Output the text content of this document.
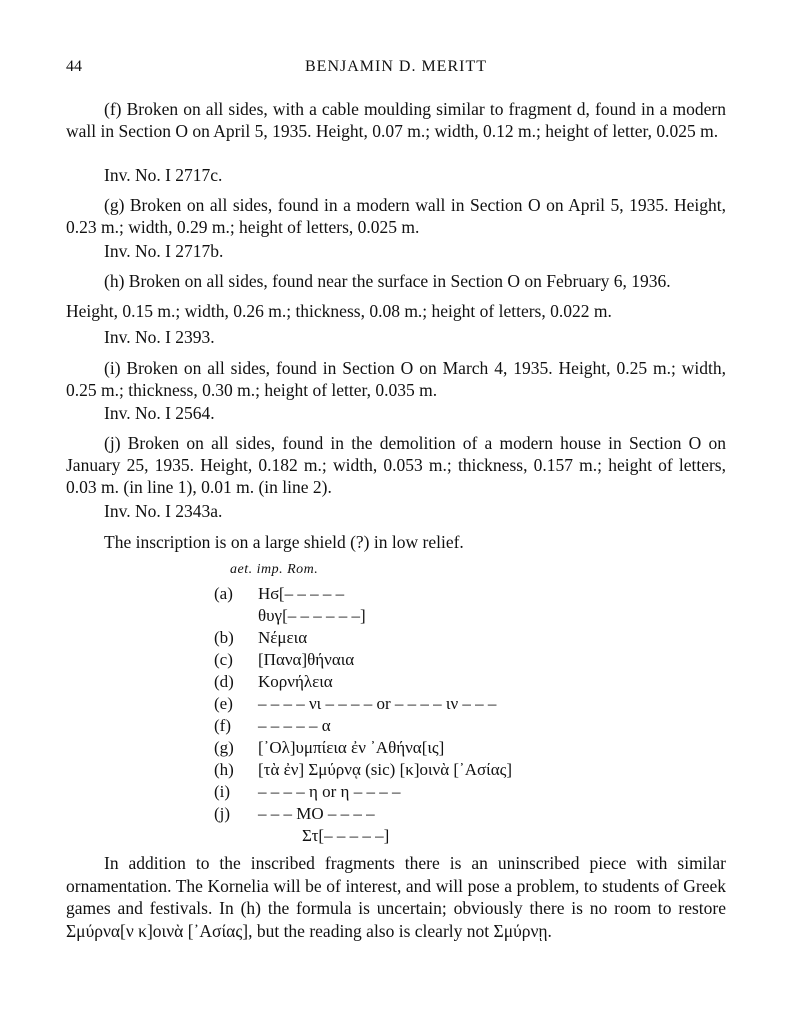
44	BENJAMIN D. MERITT

(f) Broken on all sides, with a cable moulding similar to fragment d, found in a modern wall in Section O on April 5, 1935. Height, 0.07 m.; width, 0.12 m.; height of letter, 0.025 m.

Inv. No. I 2717c.

(g) Broken on all sides, found in a modern wall in Section O on April 5, 1935. Height, 0.23 m.; width, 0.29 m.; height of letters, 0.025 m.

Inv. No. I 2717b.

(h) Broken on all sides, found near the surface in Section O on February 6, 1936.

Height, 0.15 m.; width, 0.26 m.; thickness, 0.08 m.; height of letters, 0.022 m.

Inv. No. I 2393.

(i) Broken on all sides, found in Section O on March 4, 1935. Height, 0.25 m.; width, 0.25 m.; thickness, 0.30 m.; height of letter, 0.035 m.

Inv. No. I 2564.

(j) Broken on all sides, found in the demolition of a modern house in Section O on January 25, 1935. Height, 0.182 m.; width, 0.053 m.; thickness, 0.157 m.; height of letters, 0.03 m. (in line 1), 0.01 m. (in line 2).

Inv. No. I 2343a.

The inscription is on a large shield (?) in low relief.

aet. imp. Rom.
(a)	Ηϭ[– – – – –
θυγ[– – – – – –]
(b)	Νέμεια
(c)	[Πανα]θήναια
(d)	Κορνήλεια
(e)	– – – – νι – – – – or – – – – ιν – – –
(f)	– – – – – α
(g)	[᾿Ολ]υμπίεια ἐν ᾿Αθήνα[ις]
(h)	[τὰ ἐν] Σμύρνᾳ (sic) [κ]οινὰ [᾿Ασίας]
(i)	– – – – η or η – – – –
(j)	– – – ΜΟ – – – –
Στ[– – – – –]

In addition to the inscribed fragments there is an uninscribed piece with similar ornamentation. The Kornelia will be of interest, and will pose a problem, to students of Greek games and festivals. In (h) the formula is uncertain; obviously there is no room to restore Σμύρνα[ν κ]οινὰ [᾿Ασίας], but the reading also is clearly not Σμύρνῃ.
